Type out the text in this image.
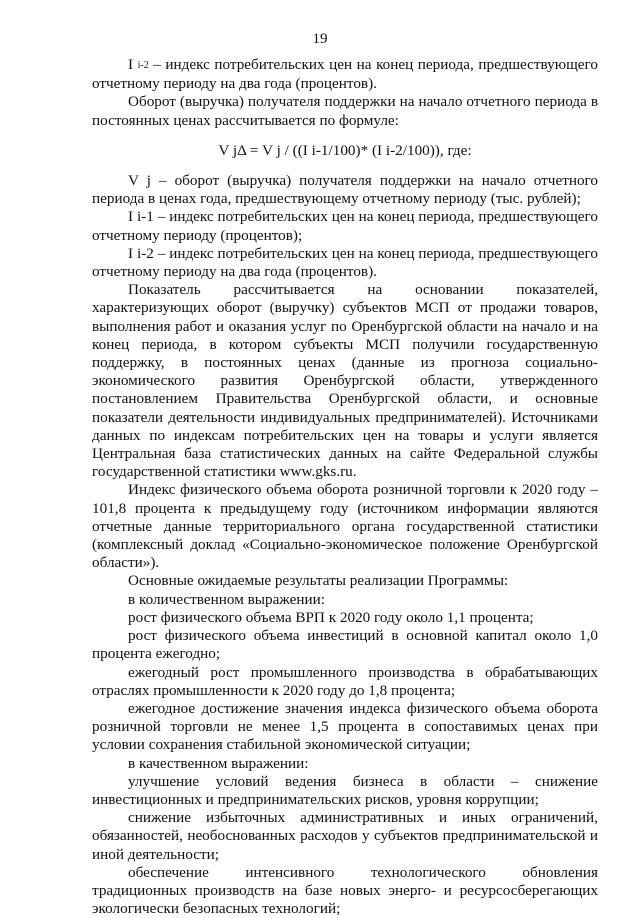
19

I $_{i-2}$ – индекс потребительских цен на конец периода, предшествующего отчетному периоду на два года (процентов).

Оборот (выручка) получателя поддержки на начало отчетного периода в постоянных ценах рассчитывается по формуле:

V jΔ = V j / ((I i-1/100)* (I i-2/100)), где:

V j – оборот (выручка) получателя поддержки на начало отчетного периода в ценах года, предшествующему отчетному периоду (тыс. рублей);

I i-1 – индекс потребительских цен на конец периода, предшествующего отчетному периоду (процентов);

I i-2 – индекс потребительских цен на конец периода, предшествующего отчетному периоду на два года (процентов).

Показатель рассчитывается на основании показателей, характеризующих оборот (выручку) субъектов МСП от продажи товаров, выполнения работ и оказания услуг по Оренбургской области на начало и на конец периода, в котором субъекты МСП получили государственную поддержку, в постоянных ценах (данные из прогноза социально-экономического развития Оренбургской области, утвержденного постановлением Правительства Оренбургской области, и основные показатели деятельности индивидуальных предпринимателей). Источниками данных по индексам потребительских цен на товары и услуги является Центральная база статистических данных на сайте Федеральной службы государственной статистики www.gks.ru.

Индекс физического объема оборота розничной торговли к 2020 году – 101,8 процента к предыдущему году (источником информации являются отчетные данные территориального органа государственной статистики (комплексный доклад «Социально-экономическое положение Оренбургской области»).

Основные ожидаемые результаты реализации Программы:

в количественном выражении:

рост физического объема ВРП к 2020 году около 1,1 процента;

рост физического объема инвестиций в основной капитал около 1,0 процента ежегодно;

ежегодный рост промышленного производства в обрабатывающих отраслях промышленности к 2020 году до 1,8 процента;

ежегодное достижение значения индекса физического объема оборота розничной торговли не менее 1,5 процента в сопоставимых ценах при условии сохранения стабильной экономической ситуации;

в качественном выражении:

улучшение условий ведения бизнеса в области – снижение инвестиционных и предпринимательских рисков, уровня коррупции;

снижение избыточных административных и иных ограничений, обязанностей, необоснованных расходов у субъектов предпринимательской и иной деятельности;

обеспечение интенсивного технологического обновления традиционных производств на базе новых энерго- и ресурсосберегающих экологически безопасных технологий;
